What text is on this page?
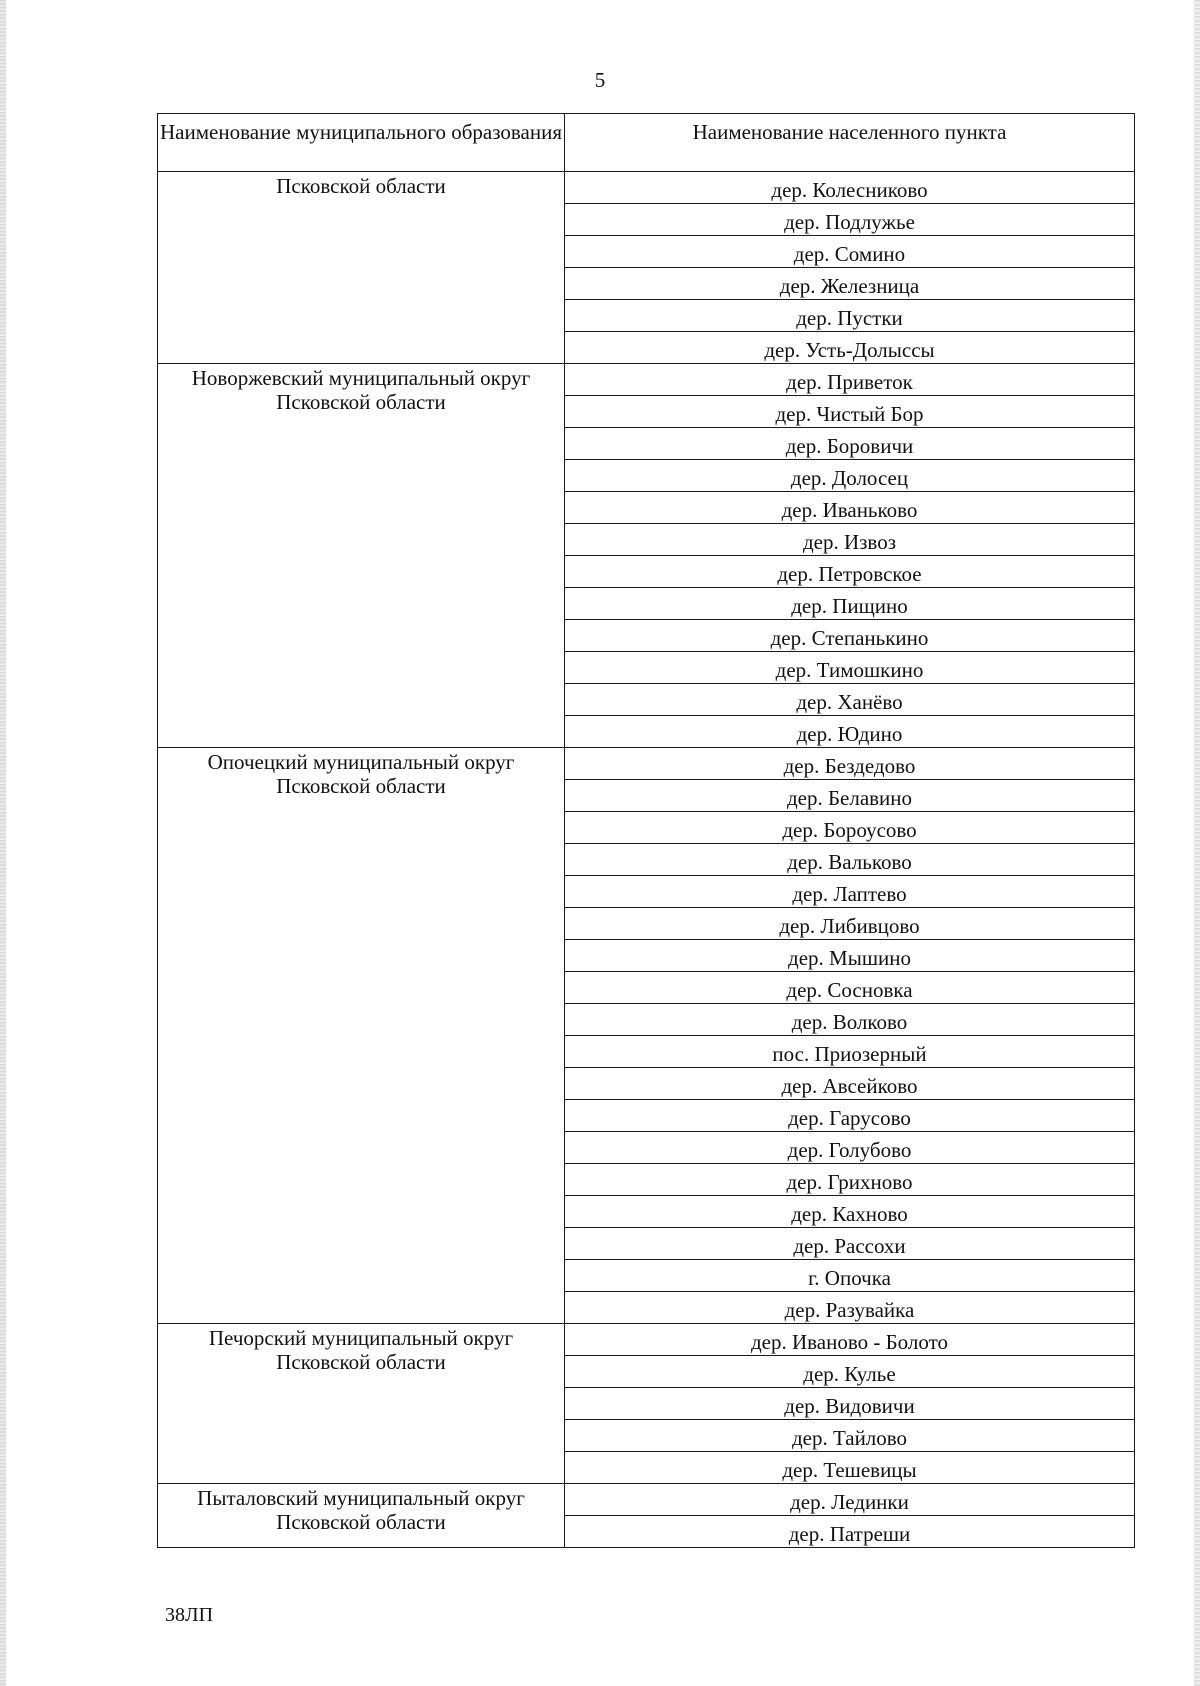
5
Наименование муниципального образования	Наименование населенного пункта
Псковской области	дер. Колесниково
	дер. Подлужье
	дер. Сомино
	дер. Железница
	дер. Пустки
	дер. Усть-Долыссы
Новоржевский муниципальный округ Псковской области	дер. Приветок
	дер. Чистый Бор
	дер. Боровичи
	дер. Долосец
	дер. Иваньково
	дер. Извоз
	дер. Петровское
	дер. Пищино
	дер. Степанькино
	дер. Тимошкино
	дер. Ханёво
	дер. Юдино
Опочецкий муниципальный округ Псковской области	дер. Бездедово
	дер. Белавино
	дер. Бороусово
	дер. Вальково
	дер. Лаптево
	дер. Либивцово
	дер. Мышино
	дер. Сосновка
	дер. Волково
	пос. Приозерный
	дер. Авсейково
	дер. Гарусово
	дер. Голубово
	дер. Грихново
	дер. Кахново
	дер. Рассохи
	г. Опочка
	дер. Разувайка
Печорский муниципальный округ Псковской области	дер. Иваново - Болото
	дер. Кулье
	дер. Видовичи
	дер. Тайлово
	дер. Тешевицы
Пыталовский муниципальный округ Псковской области	дер. Лединки
	дер. Патреши
38ЛП
